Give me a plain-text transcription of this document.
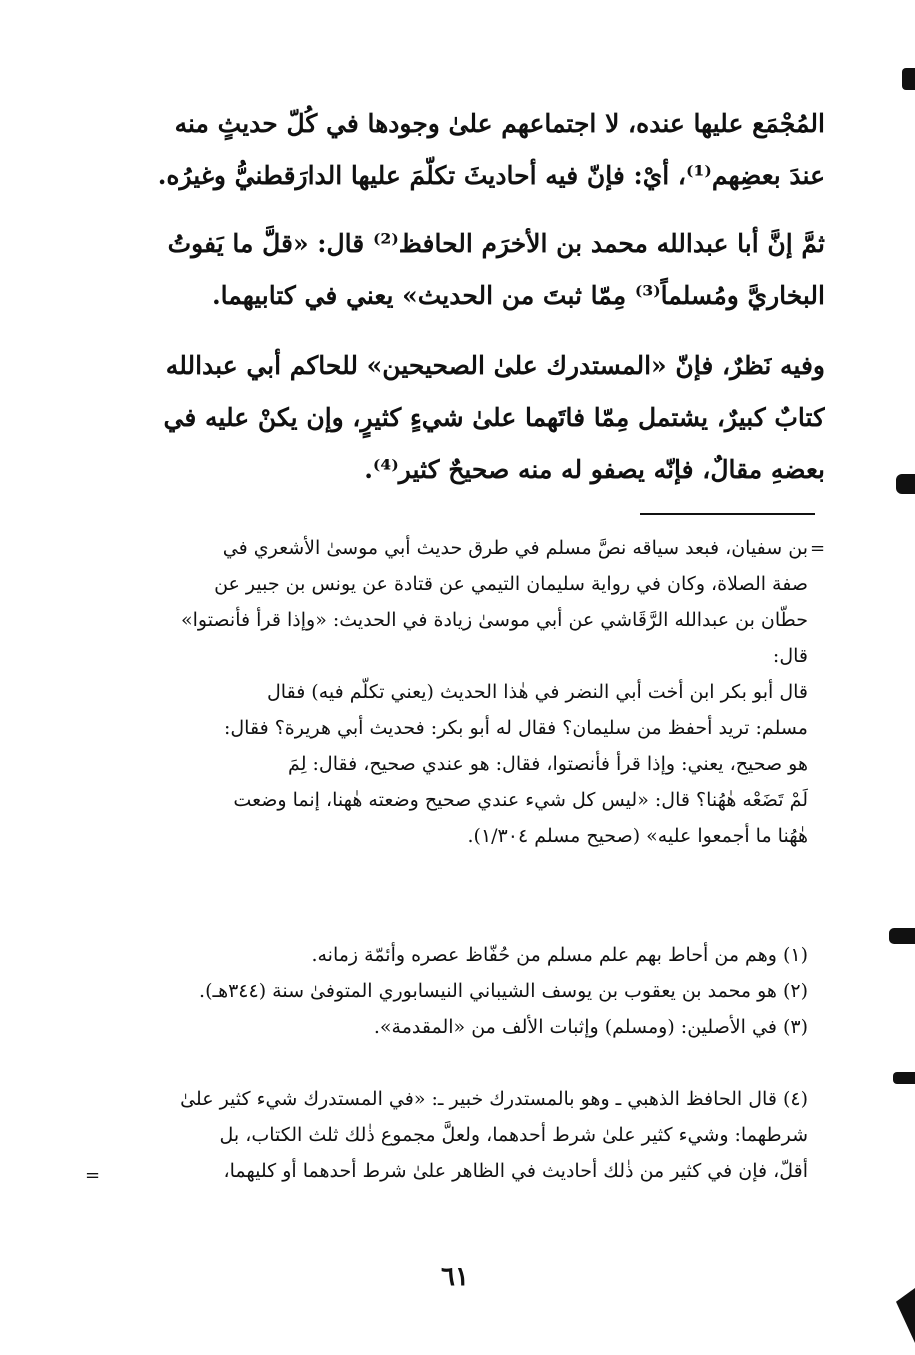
المُجْمَع عليها عنده، لا اجتماعهم علىٰ وجودها في كُلّ حديثٍ منه
عندَ بعضِهم⁽¹⁾، أيْ: فإنّ فيه أحاديثَ تكلّمَ عليها الدارَقطنيُّ وغيرُه.
ثمَّ إنَّ أبا عبدالله محمد بن الأخرَم الحافظ⁽²⁾ قال: «قلَّ ما يَفوتُ
البخاريَّ ومُسلماً⁽³⁾ مِمّا ثبتَ من الحديث» يعني في كتابيهما.
وفيه نَظرٌ، فإنّ «المستدرك علىٰ الصحيحين» للحاكم أبي عبدالله
كتابٌ كبيرٌ، يشتمل مِمّا فاتَهما علىٰ شيءٍ كثيرٍ، وإن يكنْ عليه في
بعضهِ مقالٌ، فإنّه يصفو له منه صحيحٌ كثير⁽⁴⁾.
=
بن سفيان، فبعد سياقه نصَّ مسلم في طرق حديث أبي موسىٰ الأشعري في
صفة الصلاة، وكان في رواية سليمان التيمي عن قتادة عن يونس بن جبير عن
حطّان بن عبدالله الرَّقَاشي عن أبي موسىٰ زيادة في الحديث: «وإذا قرأ فأنصتوا»
قال:
قال أبو بكر ابن أخت أبي النضر في هٰذا الحديث (يعني تكلّم فيه) فقال
مسلم: تريد أحفظ من سليمان؟ فقال له أبو بكر: فحديث أبي هريرة؟ فقال:
هو صحيح، يعني: وإذا قرأ فأنصتوا، فقال: هو عندي صحيح، فقال: لِمَ
لَمْ تَضَعْه هٰهُنا؟ قال: «ليس كل شيء عندي صحيح وضعته هٰهنا، إنما وضعت
هٰهُنا ما أجمعوا عليه» (صحيح مسلم ١/٣٠٤).
(١) وهم من أحاط بهم علم مسلم من حُفّاظ عصره وأئمّة زمانه.
(٢) هو محمد بن يعقوب بن يوسف الشيباني النيسابوري المتوفىٰ سنة (٣٤٤هـ).
(٣) في الأصلين: (ومسلم) وإثبات الألف من «المقدمة».
(٤) قال الحافظ الذهبي ـ وهو بالمستدرك خبير ـ: «في المستدرك شيء كثير علىٰ
شرطهما: وشيء كثير علىٰ شرط أحدهما، ولعلَّ مجموع ذٰلك ثلث الكتاب، بل
أقلّ، فإن في كثير من ذٰلك أحاديث في الظاهر علىٰ شرط أحدهما أو كليهما،
=
٦١
